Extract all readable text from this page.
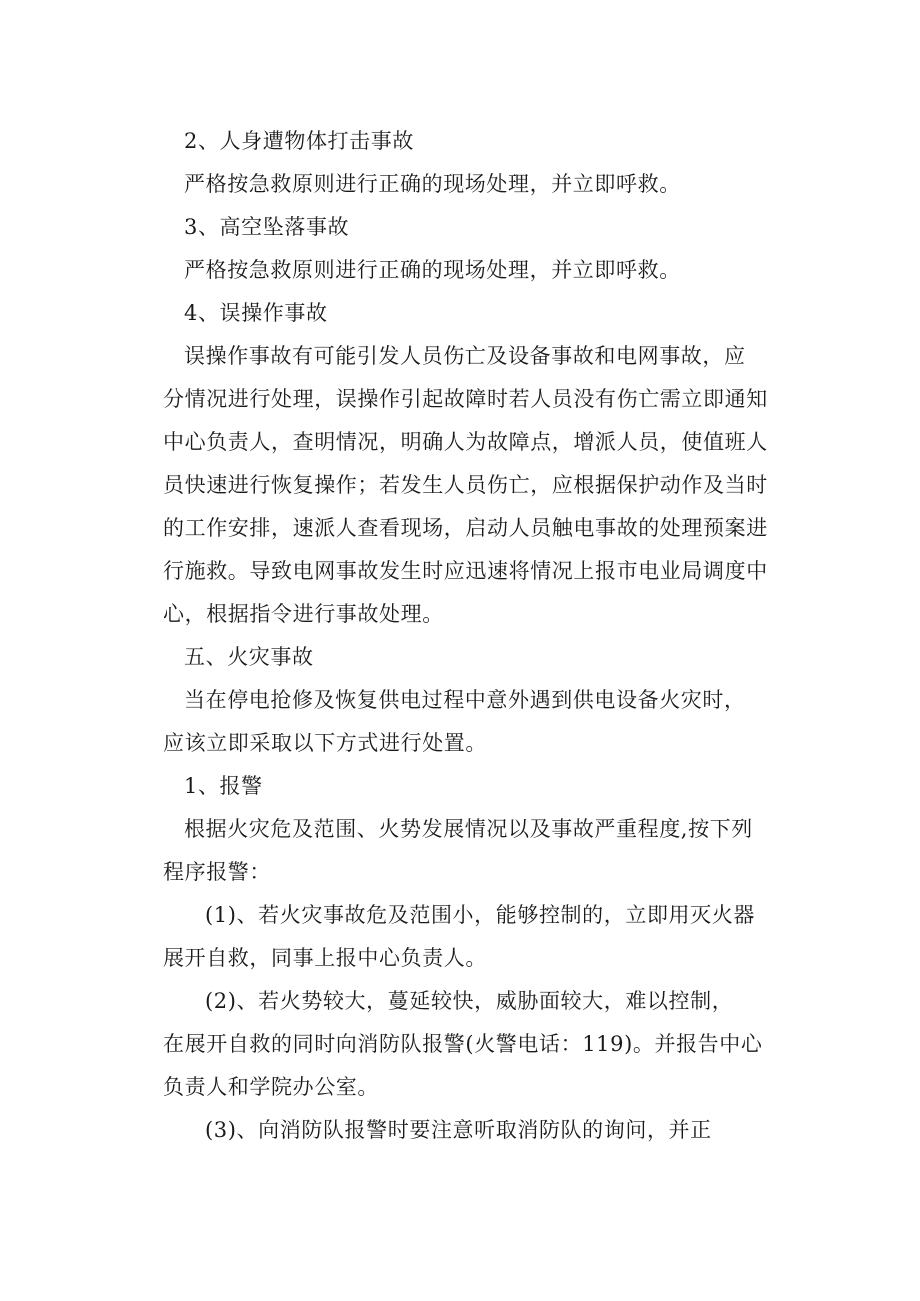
2、人身遭物体打击事故

严格按急救原则进行正确的现场处理，并立即呼救。

3、高空坠落事故

严格按急救原则进行正确的现场处理，并立即呼救。

4、误操作事故

误操作事故有可能引发人员伤亡及设备事故和电网事故，应

分情况进行处理，误操作引起故障时若人员没有伤亡需立即通知

中心负责人，查明情况，明确人为故障点，增派人员，使值班人

员快速进行恢复操作；若发生人员伤亡，应根据保护动作及当时

的工作安排，速派人查看现场，启动人员触电事故的处理预案进

行施救。导致电网事故发生时应迅速将情况上报市电业局调度中

心，根据指令进行事故处理。

五、火灾事故

当在停电抢修及恢复供电过程中意外遇到供电设备火灾时，

应该立即采取以下方式进行处置。

1、报警

根据火灾危及范围、火势发展情况以及事故严重程度,按下列

程序报警：

(1)、若火灾事故危及范围小，能够控制的，立即用灭火器

展开自救，同事上报中心负责人。

(2)、若火势较大，蔓延较快，威胁面较大，难以控制，

在展开自救的同时向消防队报警(火警电话：119)。并报告中心

负责人和学院办公室。

(3)、向消防队报警时要注意听取消防队的询问，并正
